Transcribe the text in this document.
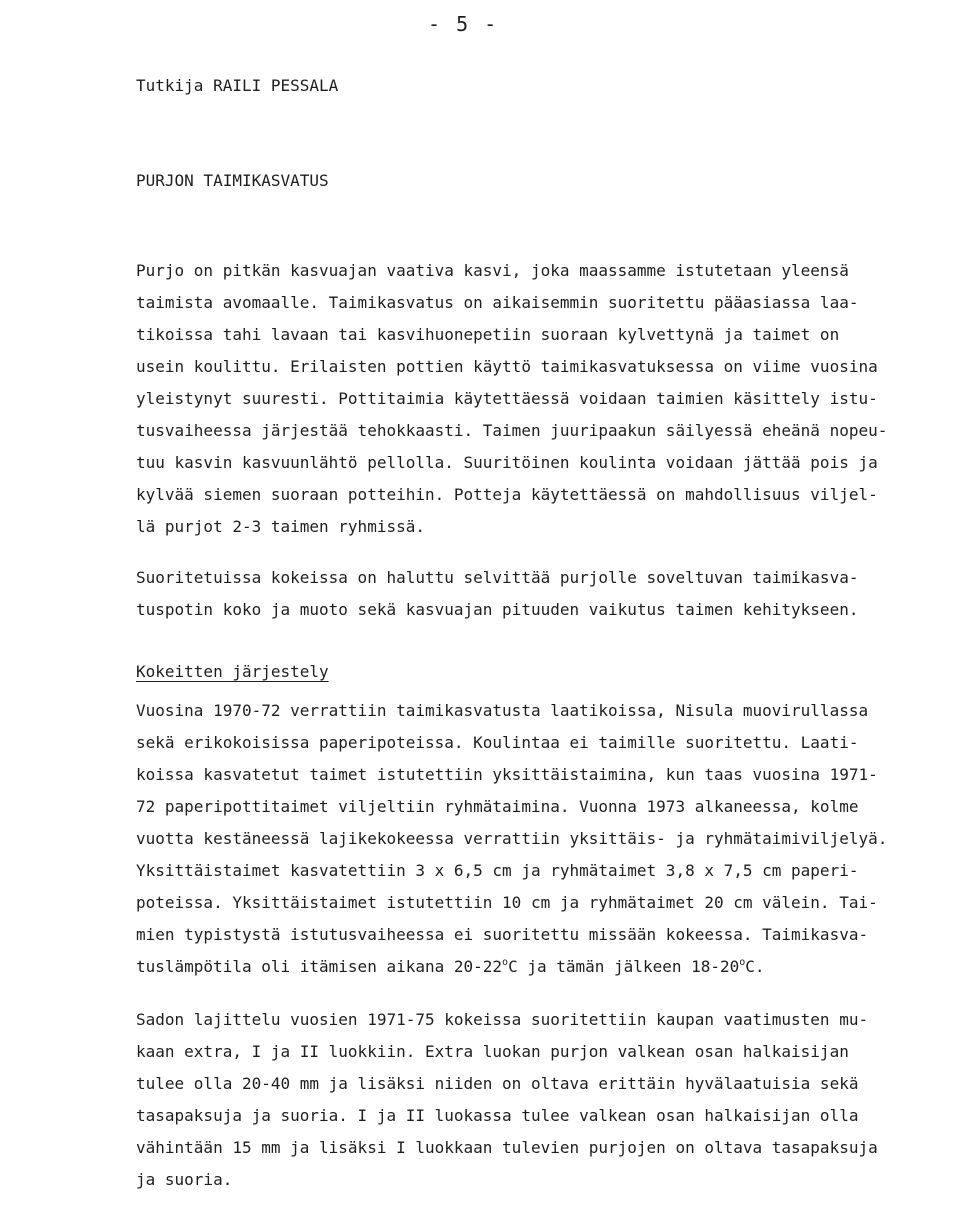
- 5 -
Tutkija RAILI PESSALA
PURJON TAIMIKASVATUS

Purjo on pitkän kasvuajan vaativa kasvi, joka maassamme istutetaan yleensä
taimista avomaalle. Taimikasvatus on aikaisemmin suoritettu pääasiassa laa-
tikoissa tahi lavaan tai kasvihuonepetiin suoraan kylvettynä ja taimet on
usein koulittu. Erilaisten pottien käyttö taimikasvatuksessa on viime vuosina
yleistynyt suuresti. Pottitaimia käytettäessä voidaan taimien käsittely istu-
tusvaiheessa järjestää tehokkaasti. Taimen juuripaakun säilyessä eheänä nopeu-
tuu kasvin kasvuunlähtö pellolla. Suuritöinen koulinta voidaan jättää pois ja
kylvää siemen suoraan potteihin. Potteja käytettäessä on mahdollisuus viljel-
lä purjot 2-3 taimen ryhmissä.

Suoritetuissa kokeissa on haluttu selvittää purjolle soveltuvan taimikasva-
tuspotin koko ja muoto sekä kasvuajan pituuden vaikutus taimen kehitykseen.

Kokeitten järjestely

Vuosina 1970-72 verrattiin taimikasvatusta laatikoissa, Nisula muovirullassa
sekä erikokoisissa paperipoteissa. Koulintaa ei taimille suoritettu. Laati-
koissa kasvatetut taimet istutettiin yksittäistaimina, kun taas vuosina 1971-
72 paperipottitaimet viljeltiin ryhmätaimina. Vuonna 1973 alkaneessa, kolme
vuotta kestäneessä lajikekokeessa verrattiin yksittäis- ja ryhmätaimiviljelyä.
Yksittäistaimet kasvatettiin 3 x 6,5 cm ja ryhmätaimet 3,8 x 7,5 cm paperi-
poteissa. Yksittäistaimet istutettiin 10 cm ja ryhmätaimet 20 cm välein. Tai-
mien typistystä istutusvaiheessa ei suoritettu missään kokeessa. Taimikasva-
tuslämpötila oli itämisen aikana 20-22$^o$C ja tämän jälkeen 18-20$^o$C.

Sadon lajittelu vuosien 1971-75 kokeissa suoritettiin kaupan vaatimusten mu-
kaan extra, I ja II luokkiin. Extra luokan purjon valkean osan halkaisijan
tulee olla 20-40 mm ja lisäksi niiden on oltava erittäin hyvälaatuisia sekä
tasapaksuja ja suoria. I ja II luokassa tulee valkean osan halkaisijan olla
vähintään 15 mm ja lisäksi I luokkaan tulevien purjojen on oltava tasapaksuja
ja suoria.
